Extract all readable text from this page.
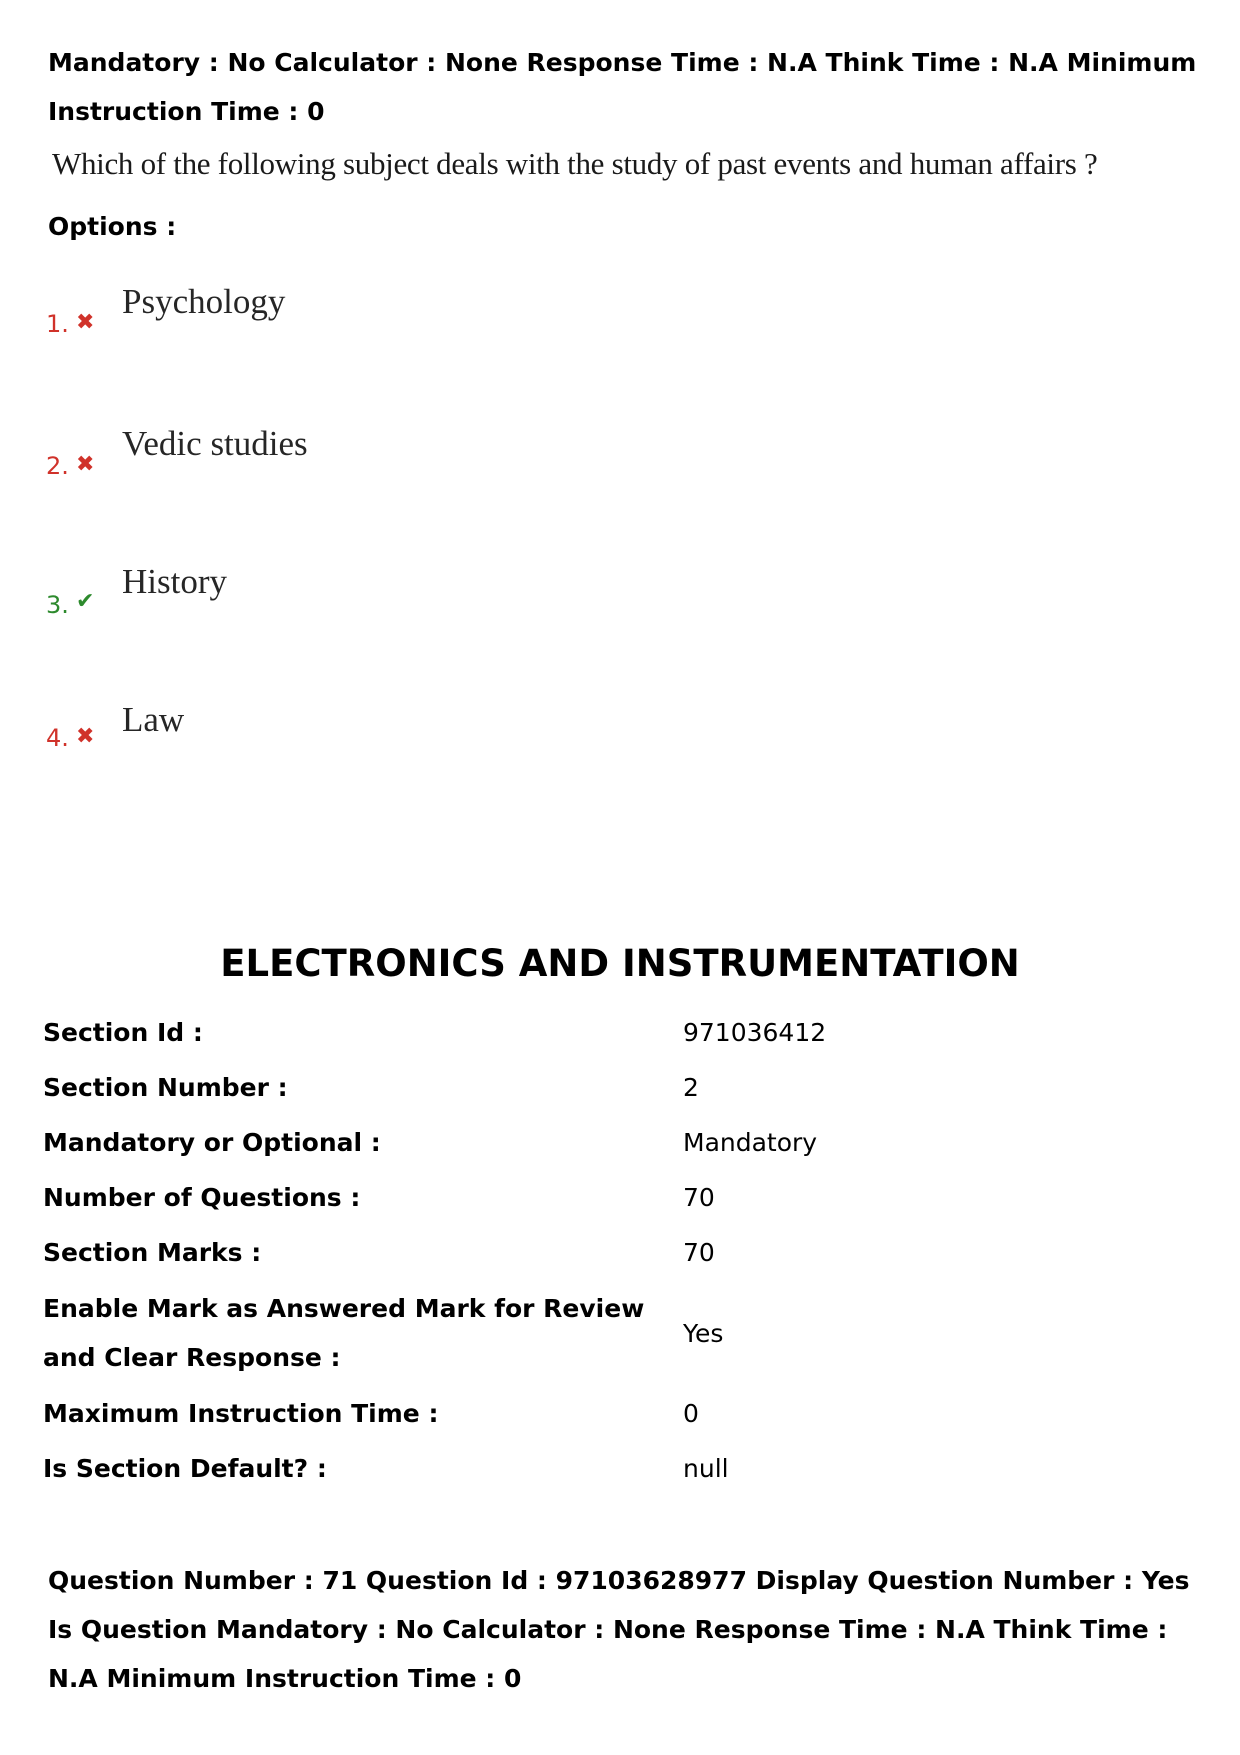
Mandatory : No Calculator : None Response Time : N.A Think Time : N.A Minimum Instruction Time : 0
Which of the following subject deals with the study of past events and human affairs ?
Options :
1. ✖
Psychology
2. ✖
Vedic studies
3. ✔
History
4. ✖ Law
ELECTRONICS AND INSTRUMENTATION
Section Id :	971036412
Section Number :	2
Mandatory or Optional :	Mandatory
Number of Questions :	70
Section Marks :	70
Enable Mark as Answered Mark for Review and Clear Response :
Yes
Maximum Instruction Time :	0
Is Section Default? :	null
Question Number : 71 Question Id : 97103628977 Display Question Number : Yes Is Question Mandatory : No Calculator : None Response Time : N.A Think Time : N.A Minimum Instruction Time : 0
